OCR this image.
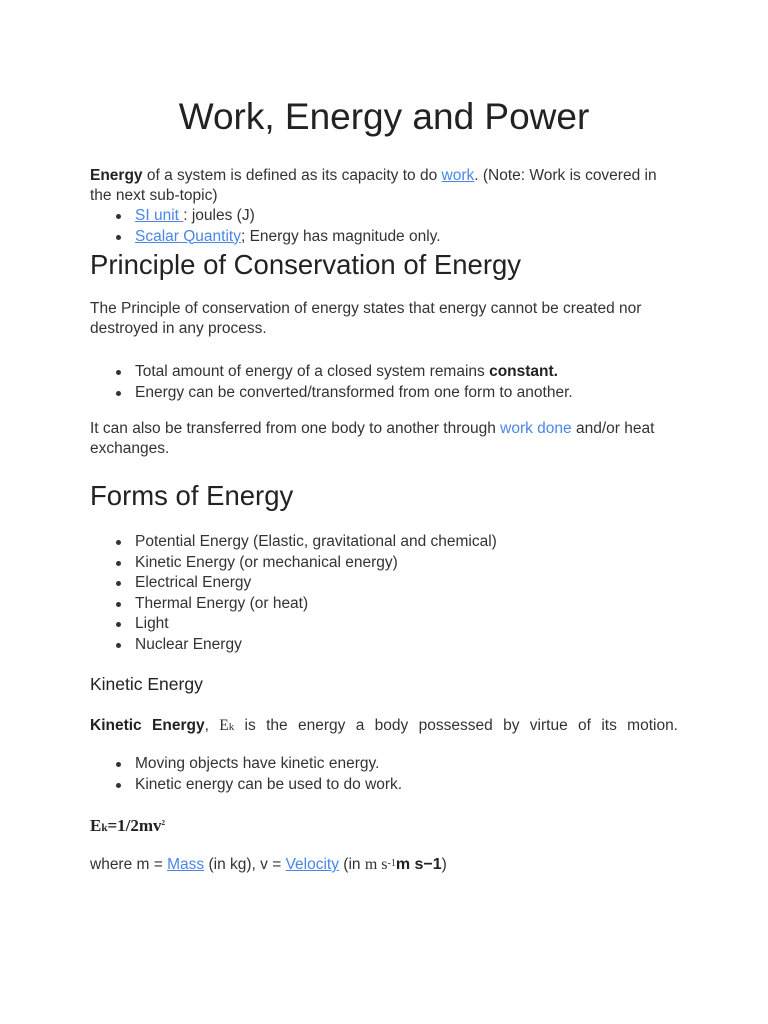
Work, Energy and Power

Energy of a system is defined as its capacity to do work. (Note: Work is covered in the next sub-topic)

SI unit : joules (J)
Scalar Quantity; Energy has magnitude only.
Principle of Conservation of Energy

The Principle of conservation of energy states that energy cannot be created nor destroyed in any process.

Total amount of energy of a closed system remains constant.
Energy can be converted/transformed from one form to another.

It can also be transferred from one body to another through work done and/or heat exchanges.

Forms of Energy
Potential Energy (Elastic, gravitational and chemical)
Kinetic Energy (or mechanical energy)
Electrical Energy
Thermal Energy (or heat)
Light
Nuclear Energy
Kinetic Energy

Kinetic Energy, Ek is the energy a body possessed by virtue of its motion.

Moving objects have kinetic energy.
Kinetic energy can be used to do work.

$Ek=1/2mv^2$

where m = Mass (in kg), v = Velocity (in m s-1m s−1)
